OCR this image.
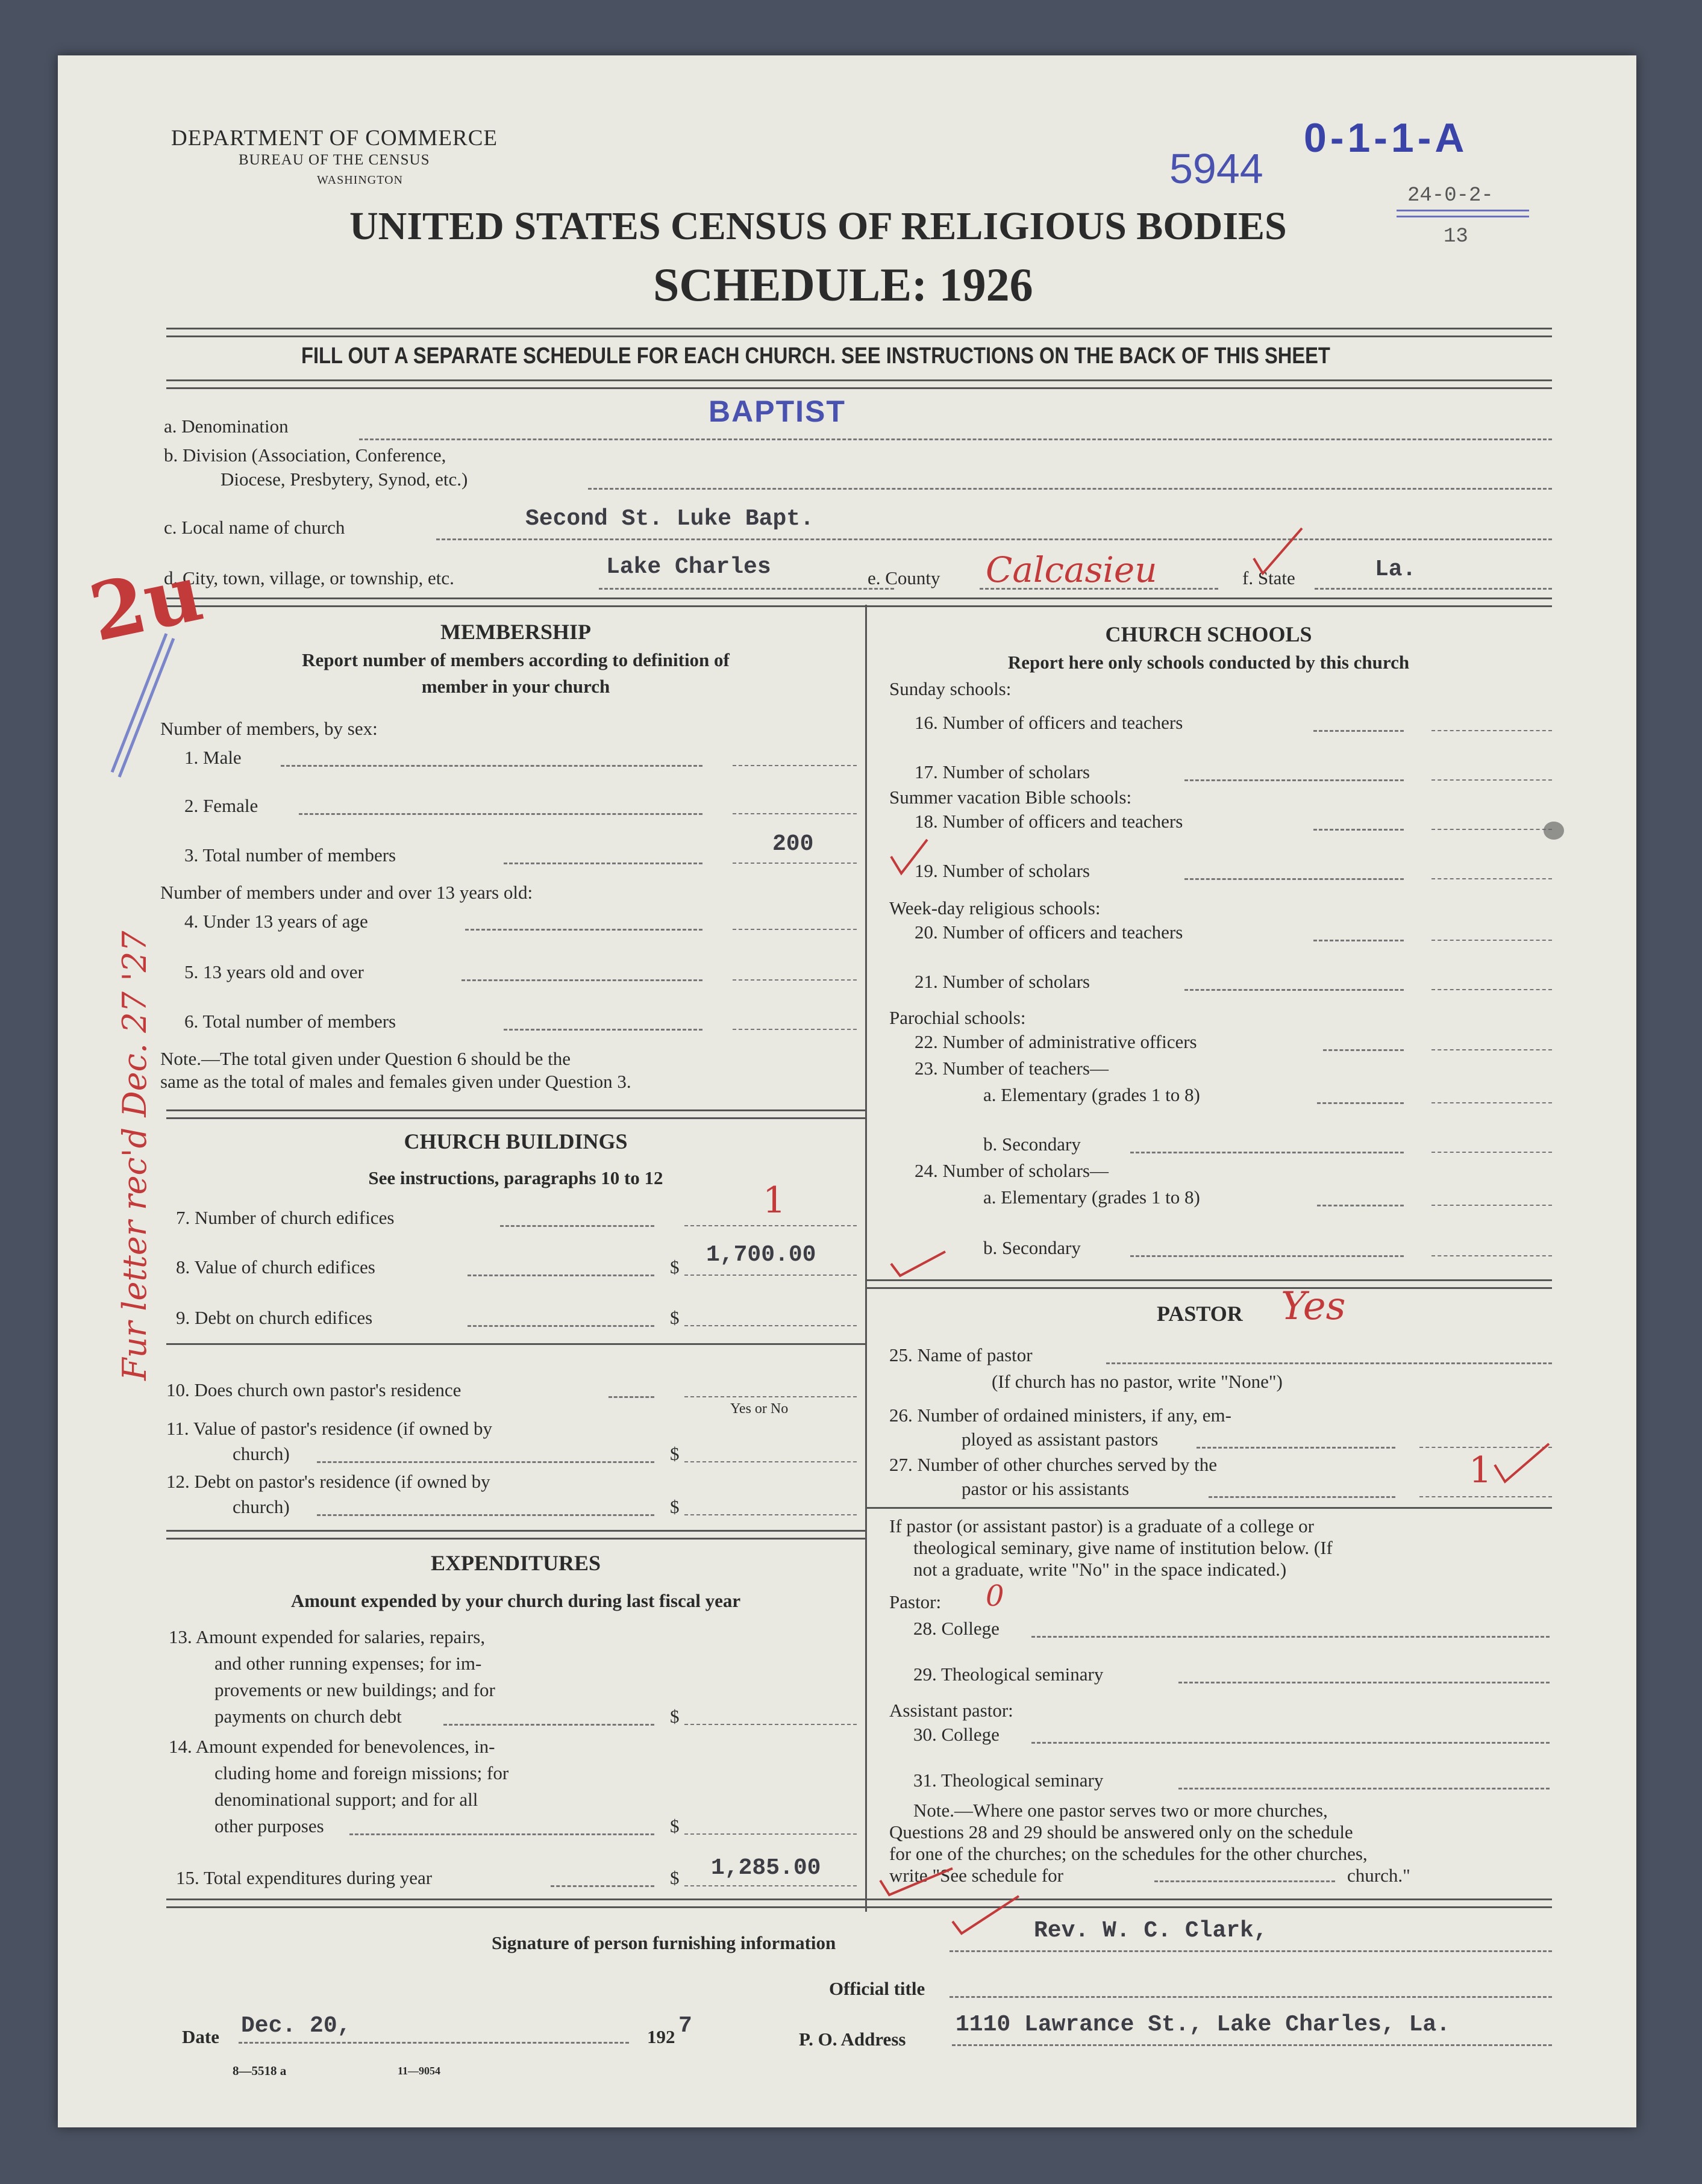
DEPARTMENT OF COMMERCE
BUREAU OF THE CENSUS
WASHINGTON	5944
0-1-1-A
24-0-2-
13
UNITED STATES CENSUS OF RELIGIOUS BODIES
SCHEDULE: 1926
FILL OUT A SEPARATE SCHEDULE FOR EACH CHURCH. SEE INSTRUCTIONS ON THE BACK OF THIS SHEET
a. Denomination	BAPTIST
b. Division (Association, Conference,
Diocese, Presbytery, Synod, etc.)
c. Local name of church	Second St. Luke Bapt.
d. City, town, village, or township, etc.	Lake Charles	e. County Calcasieu	f. State	La.
MEMBERSHIP
Report number of members according to definition of
member in your church
Number of members, by sex:
1. Male
2. Female
3. Total number of members	200
Number of members under and over 13 years old:
4. Under 13 years of age
5. 13 years old and over
6. Total number of members
Note.—The total given under Question 6 should be the
same as the total of males and females given under Question 3.
CHURCH BUILDINGS
See instructions, paragraphs 10 to 12
7. Number of church edifices	1
8. Value of church edifices	$ 1,700.00
9. Debt on church edifices	$
10. Does church own pastor's residence
Yes or No
11. Value of pastor's residence (if owned by
church)	$
12. Debt on pastor's residence (if owned by
church)	$
EXPENDITURES
Amount expended by your church during last fiscal year
13. Amount expended for salaries, repairs,
and other running expenses; for im-
provements or new buildings; and for
payments on church debt	$
14. Amount expended for benevolences, in-
cluding home and foreign missions; for
denominational support; and for all
other purposes	$
15. Total expenditures during year	$ 1,285.00
CHURCH SCHOOLS
Report here only schools conducted by this church
Sunday schools:
16. Number of officers and teachers
17. Number of scholars
Summer vacation Bible schools:
18. Number of officers and teachers
19. Number of scholars
Week-day religious schools:
20. Number of officers and teachers
21. Number of scholars
Parochial schools:
22. Number of administrative officers
23. Number of teachers—
a. Elementary (grades 1 to 8)
b. Secondary
24. Number of scholars—
a. Elementary (grades 1 to 8)
b. Secondary
PASTOR Yes
25. Name of pastor
(If church has no pastor, write "None")
26. Number of ordained ministers, if any, em-
ployed as assistant pastors
27. Number of other churches served by the
pastor or his assistants	1
If pastor (or assistant pastor) is a graduate of a college or
theological seminary, give name of institution below. (If
not a graduate, write "No" in the space indicated.)
Pastor: 0
28. College
29. Theological seminary
Assistant pastor:
30. College
31. Theological seminary
Note.—Where one pastor serves two or more churches,
Questions 28 and 29 should be answered only on the schedule
for one of the churches; on the schedules for the other churches,
write "See schedule for	church."
Signature of person furnishing information	Rev. W. C. Clark,
Official title
Date Dec. 20,	192 7
P. O. Address
1110 Lawrance St., Lake Charles, La.
8—5518 a	11—9054
2u
Fur letter rec'd Dec. 27 '27
